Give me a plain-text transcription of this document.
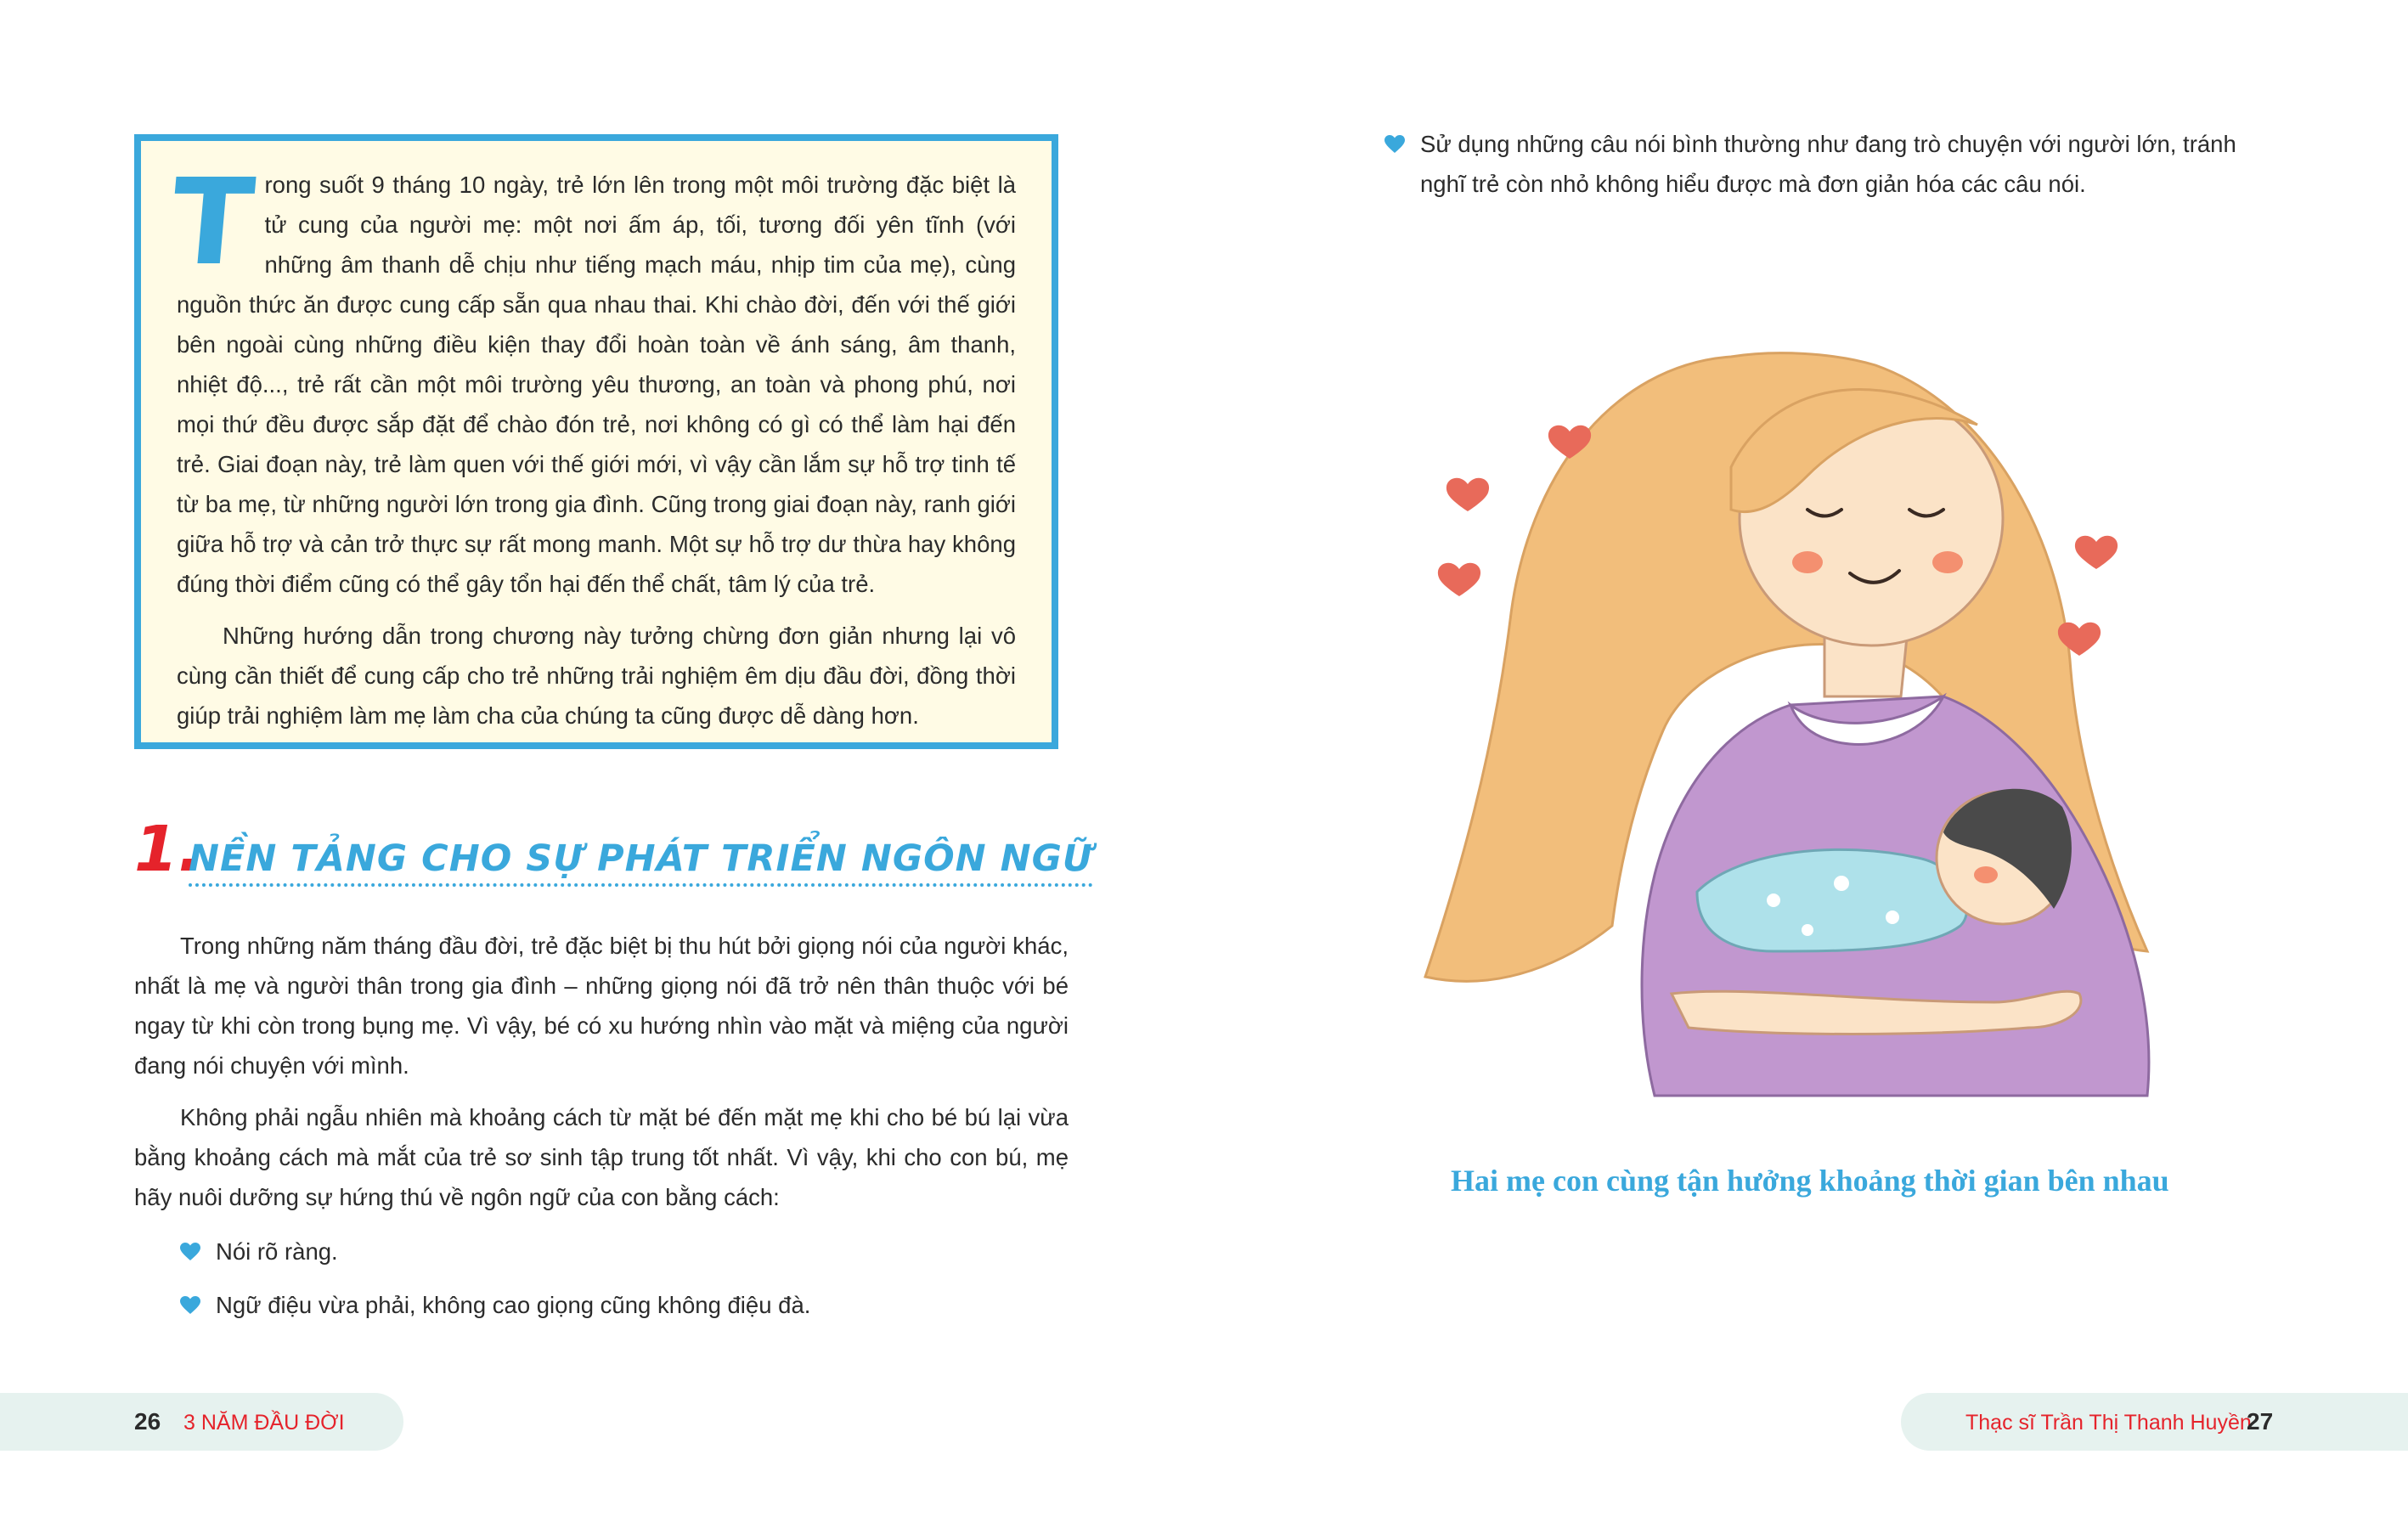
Trong suốt 9 tháng 10 ngày, trẻ lớn lên trong một môi trường đặc biệt là tử cung của người mẹ: một nơi ấm áp, tối, tương đối yên tĩnh (với những âm thanh dễ chịu như tiếng mạch máu, nhịp tim của mẹ), cùng nguồn thức ăn được cung cấp sẵn qua nhau thai. Khi chào đời, đến với thế giới bên ngoài cùng những điều kiện thay đổi hoàn toàn về ánh sáng, âm thanh, nhiệt độ..., trẻ rất cần một môi trường yêu thương, an toàn và phong phú, nơi mọi thứ đều được sắp đặt để chào đón trẻ, nơi không có gì có thể làm hại đến trẻ. Giai đoạn này, trẻ làm quen với thế giới mới, vì vậy cần lắm sự hỗ trợ tinh tế từ ba mẹ, từ những người lớn trong gia đình. Cũng trong giai đoạn này, ranh giới giữa hỗ trợ và cản trở thực sự rất mong manh. Một sự hỗ trợ dư thừa hay không đúng thời điểm cũng có thể gây tổn hại đến thể chất, tâm lý của trẻ.

Những hướng dẫn trong chương này tưởng chừng đơn giản nhưng lại vô cùng cần thiết để cung cấp cho trẻ những trải nghiệm êm dịu đầu đời, đồng thời giúp trải nghiệm làm mẹ làm cha của chúng ta cũng được dễ dàng hơn.

1.
NỀN TẢNG CHO SỰ PHÁT TRIỂN NGÔN NGỮ

Trong những năm tháng đầu đời, trẻ đặc biệt bị thu hút bởi giọng nói của người khác, nhất là mẹ và người thân trong gia đình – những giọng nói đã trở nên thân thuộc với bé ngay từ khi còn trong bụng mẹ. Vì vậy, bé có xu hướng nhìn vào mặt và miệng của người đang nói chuyện với mình.

Không phải ngẫu nhiên mà khoảng cách từ mặt bé đến mặt mẹ khi cho bé bú lại vừa bằng khoảng cách mà mắt của trẻ sơ sinh tập trung tốt nhất. Vì vậy, khi cho con bú, mẹ hãy nuôi dưỡng sự hứng thú về ngôn ngữ của con bằng cách:

Nói rõ ràng.
Ngữ điệu vừa phải, không cao giọng cũng không điệu đà.
26 3 NĂM ĐẦU ĐỜI
Sử dụng những câu nói bình thường như đang trò chuyện với người lớn, tránh nghĩ trẻ còn nhỏ không hiểu được mà đơn giản hóa các câu nói.
Hai mẹ con cùng tận hưởng khoảng thời gian bên nhau
Thạc sĩ Trần Thị Thanh Huyền
27
